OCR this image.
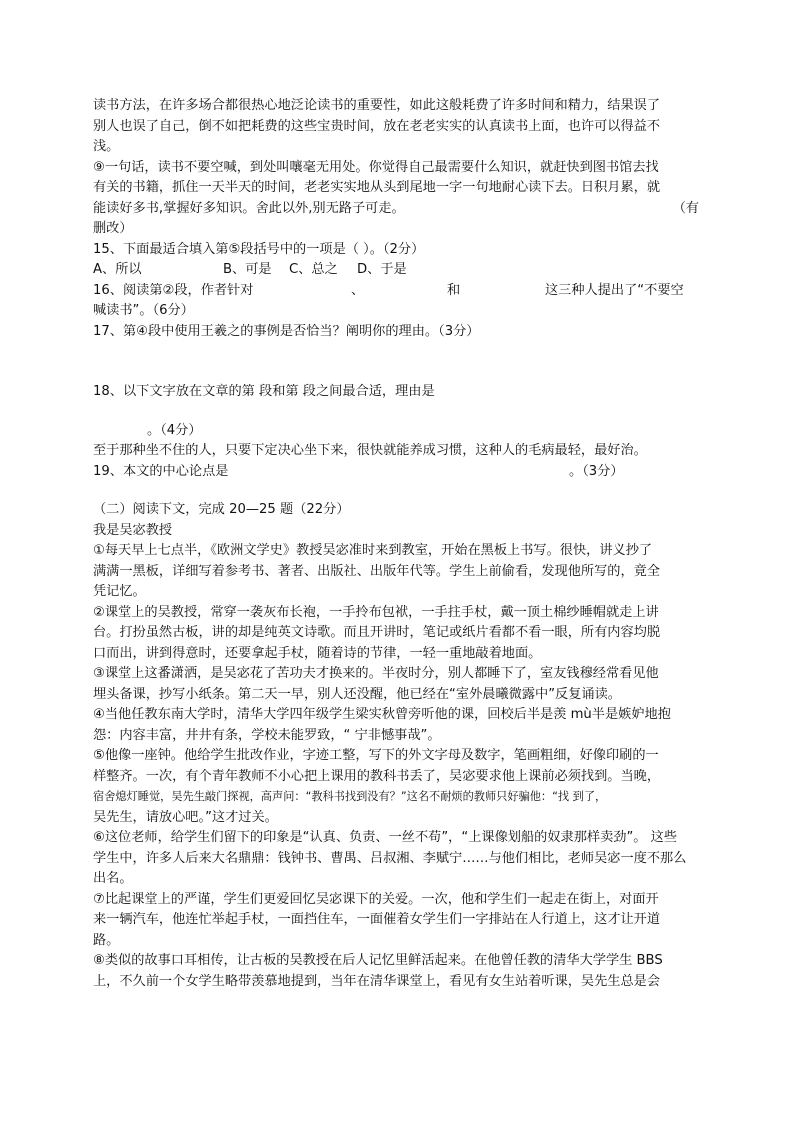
读书方法，在许多场合都很热心地泛论读书的重要性，如此这般耗费了许多时间和精力，结果误了
别人也误了自己，倒不如把耗费的这些宝贵时间，放在老老实实的认真读书上面，也许可以得益不
浅。
⑨一句话，读书不要空喊，到处叫嚷毫无用处。你觉得自己最需要什么知识，就赶快到图书馆去找
有关的书籍，抓住一天半天的时间，老老实实地从头到尾地一字一句地耐心读下去。日积月累，就
能读好多书,掌握好多知识。舍此以外,别无路子可走。	（有
删改）
15、下面最适合填入第⑤段括号中的一项是（ ）。（2分）
A、所以	B、可是 C、总之 D、于是
16、阅读第②段，作者针对	、	和	这三种人提出了“不要空
喊读书”。（6分）
17、第④段中使用王羲之的事例是否恰当？阐明你的理由。（3分）
18、以下文字放在文章的第 段和第 段之间最合适，理由是
。（4分）
至于那种坐不住的人，只要下定决心坐下来，很快就能养成习惯，这种人的毛病最轻，最好治。
19、本文的中心论点是	。（3分）
（二）阅读下文，完成 20—25 题（22分）
我是吴宓教授
①每天早上七点半，《欧洲文学史》教授吴宓准时来到教室，开始在黑板上书写。很快，讲义抄了
满满一黑板，详细写着参考书、著者、出版社、出版年代等。学生上前偷看，发现他所写的，竟全
凭记忆。
②课堂上的吴教授，常穿一袭灰布长袍，一手拎布包袱，一手拄手杖，戴一顶土棉纱睡帽就走上讲
台。打扮虽然古板，讲的却是纯英文诗歌。而且开讲时，笔记或纸片看都不看一眼，所有内容均脱
口而出，讲到得意时，还要拿起手杖，随着诗的节律，一轻一重地敲着地面。
③课堂上这番潇洒，是吴宓花了苦功夫才换来的。半夜时分，别人都睡下了，室友钱穆经常看见他
埋头备课，抄写小纸条。第二天一早，别人还没醒，他已经在“室外晨曦微露中”反复诵读。
④当他任教东南大学时，清华大学四年级学生梁实秋曾旁听他的课，回校后半是羡 mù半是嫉妒地抱
怨：内容丰富，井井有条，学校未能罗致，“ 宁非憾事哉”。
⑤他像一座钟。他给学生批改作业，字迹工整，写下的外文字母及数字，笔画粗细，好像印刷的一
样整齐。一次，有个青年教师不小心把上课用的教科书丢了，吴宓要求他上课前必须找到。当晚，
宿舍熄灯睡觉，吴先生敲门探视，高声问：“教科书找到没有？”这名不耐烦的教师只好骗他：“找 到了，
吴先生，请放心吧。”这才过关。
⑥这位老师，给学生们留下的印象是“认真、负责、一丝不苟”，“上课像划船的奴隶那样卖劲”。 这些
学生中，许多人后来大名鼎鼎：钱钟书、曹禺、吕叔湘、李赋宁……与他们相比，老师吴宓一度不那么
出名。
⑦比起课堂上的严谨，学生们更爱回忆吴宓课下的关爱。一次，他和学生们一起走在街上，对面开
来一辆汽车，他连忙举起手杖，一面挡住车，一面催着女学生们一字排站在人行道上，这才让开道
路。
⑧类似的故事口耳相传，让古板的吴教授在后人记忆里鲜活起来。在他曾任教的清华大学学生 BBS
上，不久前一个女学生略带羡慕地提到，当年在清华课堂上，看见有女生站着听课，吴先生总是会
